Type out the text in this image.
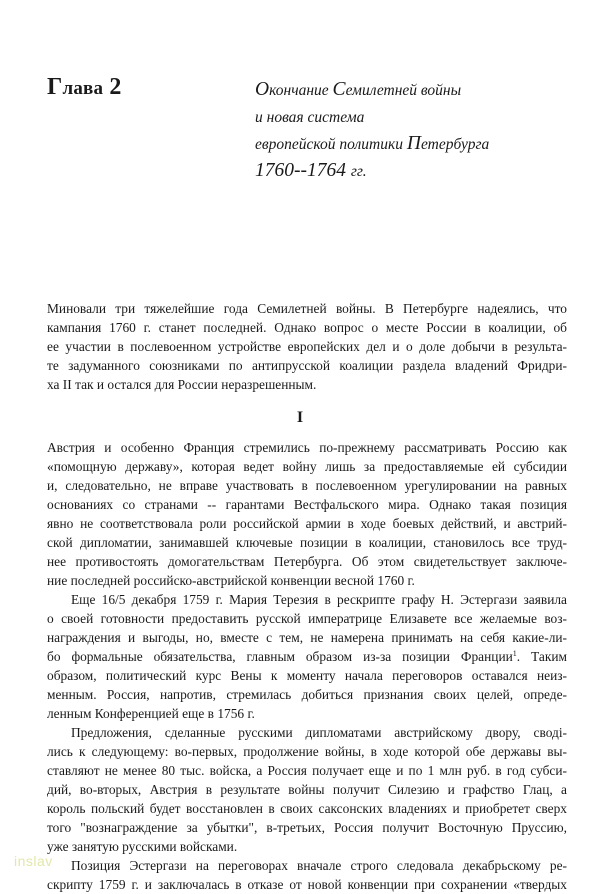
Глава 2	Окончание Семилетней войны
и новая система
европейской политики Петербурга
1760--1764 гг.
Миновали три тяжелейшие года Семилетней войны. В Петербурге надеялись, что
кампания 1760 г. станет последней. Однако вопрос о месте России в коалиции, об
ее участии в послевоенном устройстве европейских дел и о доле добычи в результа-
те задуманного союзниками по антипрусской коалиции раздела владений Фридри-
ха II так и остался для России неразрешенным.
I
Австрия и особенно Франция стремились по-прежнему рассматривать Россию как
«помощную державу», которая ведет войну лишь за предоставляемые ей субсидии
и, следовательно, не вправе участвовать в послевоенном урегулировании на равных
основаниях со странами -- гарантами Вестфальского мира. Однако такая позиция
явно не соответствовала роли российской армии в ходе боевых действий, и австрий-
ской дипломатии, занимавшей ключевые позиции в коалиции, становилось все труд-
нее противостоять домогательствам Петербурга. Об этом свидетельствует заключе-
ние последней российско-австрийской конвенции весной 1760 г.
Еще 16/5 декабря 1759 г. Мария Терезия в рескрипте графу Н. Эстергази заявила
о своей готовности предоставить русской императрице Елизавете все желаемые воз-
награждения и выгоды, но, вместе с тем, не намерена принимать на себя какие-ли-
бо формальные обязательства, главным образом из-за позиции Франции$^1$. Таким
образом, политический курс Вены к моменту начала переговоров оставался неиз-
менным. Россия, напротив, стремилась добиться признания своих целей, опреде-
ленным Конференцией еще в 1756 г.
Предложения, сделанные русскими дипломатами австрийскому двору, сводi-
лись к следующему: во-первых, продолжение войны, в ходе которой обе державы вы-
ставляют не менее 80 тыс. войска, а Россия получает еще и по 1 млн руб. в год субси-
дий, во-вторых, Австрия в результате войны получит Силезию и графство Глац, а
король польский будет восстановлен в своих саксонских владениях и приобретет сверх
того "вознаграждение за убытки", в-третьих, Россия получит Восточную Пруссию,
уже занятую русскими войсками.
Позиция Эстергази на переговорах вначале строго следовала декабрьскому ре-
скрипту 1759 г. и заключалась в отказе от новой конвенции при сохранении «твердых
inslav
